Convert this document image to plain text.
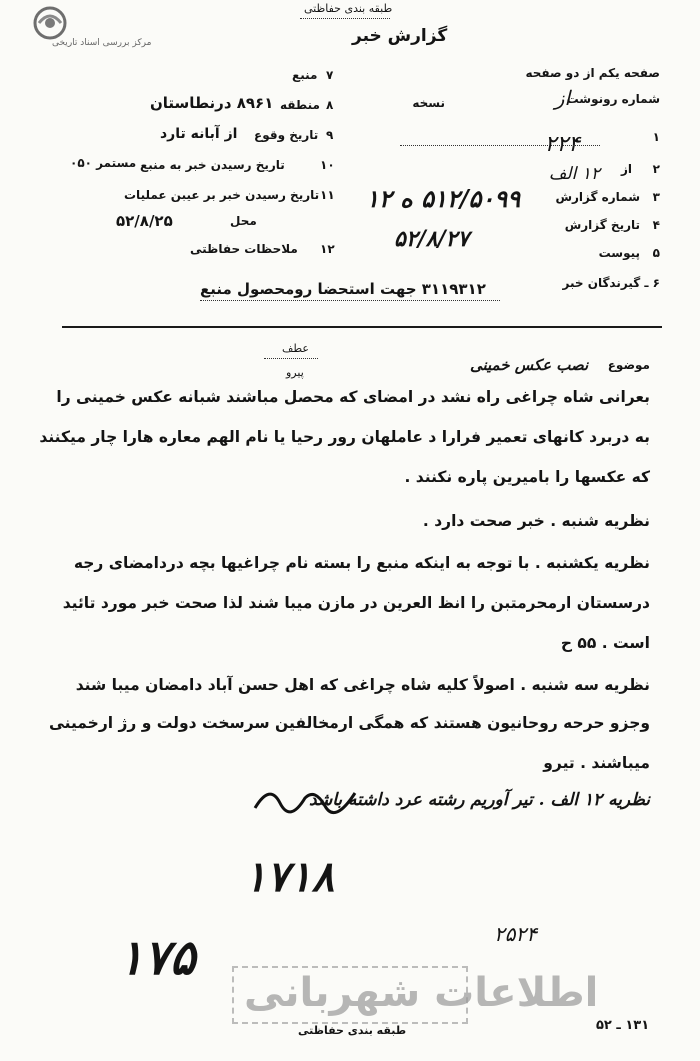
مرکز بررسی اسناد تاریخی
طبقه بندی حفاظتی
گزارش خبر
صفحه یکم از دو صفحه
شماره رونوشت
از
نسخه
۱
۲۲۴
۲
از
۱۲ الف
۳
شماره گزارش
۵۱۲/۵۰۹۹ ه ۱۲
۴
تاریخ گزارش
۵۲/۸/۲۷
۵
پیوست
۶ ـ گیرندگان خبر
۳۱۱۹۳۱۲ جهت استحضا رومحصول منبع
۷
منبع
۸
منطقه
۸۹۶۱ درنطاستان
۹
تاریخ وقوع
از آبانه تارد
۱۰
تاریخ رسیدن خبر به منبع
مستمر ۰۵۰
۱۱
تاریخ رسیدن خبر بر عیبن عملیات
محل
۵۲/۸/۲۵
۱۲
ملاحظات حفاظتی
عطف
پیرو
موضوع
نصب عکس خمینی
بعرانی شاه چراغی راه نشد در امضای که محصل مباشند شبانه عکس خمینی را
به دربرد کانهای تعمیر فرارا د عاملهان رور رحیا یا نام الهم معاره هارا چار میکنند
که عکسها را بامیرین پاره نکنند .
نظریه شنبه . خبر صحت دارد .
نظریه یکشنبه . با توجه به اینکه منبع را بسته نام چراغیها بچه دردامضای رجه
درسستان ارمحرمتبن را انظ العرین در مازن میبا شند لذا صحت خبر مورد تائید
است . ۵۵ ح
نظریه سه شنبه . اصولاً کلیه شاه چراغی که اهل حسن آباد دامضان میبا شند
وجزو حرحه روحانیون هستند که همگی ارمخالفین سرسخت دولت و رژ ارخمینی
میباشند . تیرو
نظریه ۱۲ الف . تیر آوریم رشته عرد داشته باشد
۱۷۱۸
۱۷۵	۲۵۲۴
اطلاعات شهربانی
طبقه بندی حفاظتی	۱۳۱ ـ ۵۲
